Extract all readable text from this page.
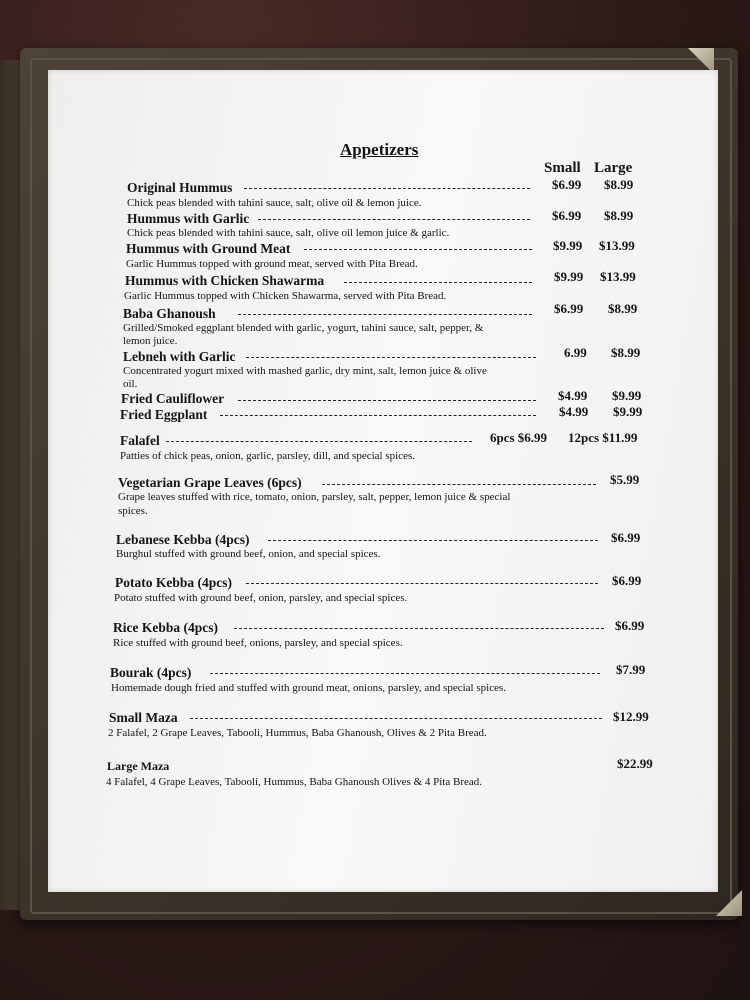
Appetizers
Small Large
Original Hummus	$6.99 $8.99
Chick peas blended with tahini sauce, salt, olive oil & lemon juice.
Hummus with Garlic	$6.99 $8.99
Chick peas blended with tahini sauce, salt, olive oil lemon juice & garlic.
Hummus with Ground Meat	$9.99 $13.99
Garlic Hummus topped with ground meat, served with Pita Bread.
Hummus with Chicken Shawarma	$9.99 $13.99
Garlic Hummus topped with Chicken Shawarma, served with Pita Bread.
Baba Ghanoush	$6.99 $8.99
Grilled/Smoked eggplant blended with garlic, yogurt, tahini sauce, salt, pepper, &
lemon juice.
Lebneh with Garlic	6.99 $8.99
Concentrated yogurt mixed with mashed garlic, dry mint, salt, lemon juice & olive
oil.
Fried Cauliflower	$4.99 $9.99
Fried Eggplant	$4.99 $9.99
Falafel	6pcs $6.99 12pcs $11.99
Patties of chick peas, onion, garlic, parsley, dill, and special spices.
Vegetarian Grape Leaves (6pcs)	$5.99
Grape leaves stuffed with rice, tomato, onion, parsley, salt, pepper, lemon juice & special
spices.
Lebanese Kebba (4pcs)	$6.99
Burghul stuffed with ground beef, onion, and special spices.
Potato Kebba (4pcs)	$6.99
Potato stuffed with ground beef, onion, parsley, and special spices.
Rice Kebba (4pcs)	$6.99
Rice stuffed with ground beef, onions, parsley, and special spices.
Bourak (4pcs)	$7.99
Homemade dough fried and stuffed with ground meat, onions, parsley, and special spices.
Small Maza	$12.99
2 Falafel, 2 Grape Leaves, Tabooli, Hummus, Baba Ghanoush, Olives & 2 Pita Bread.
Large Maza	$22.99
4 Falafel, 4 Grape Leaves, Tabooli, Hummus, Baba Ghanoush Olives & 4 Pita Bread.
